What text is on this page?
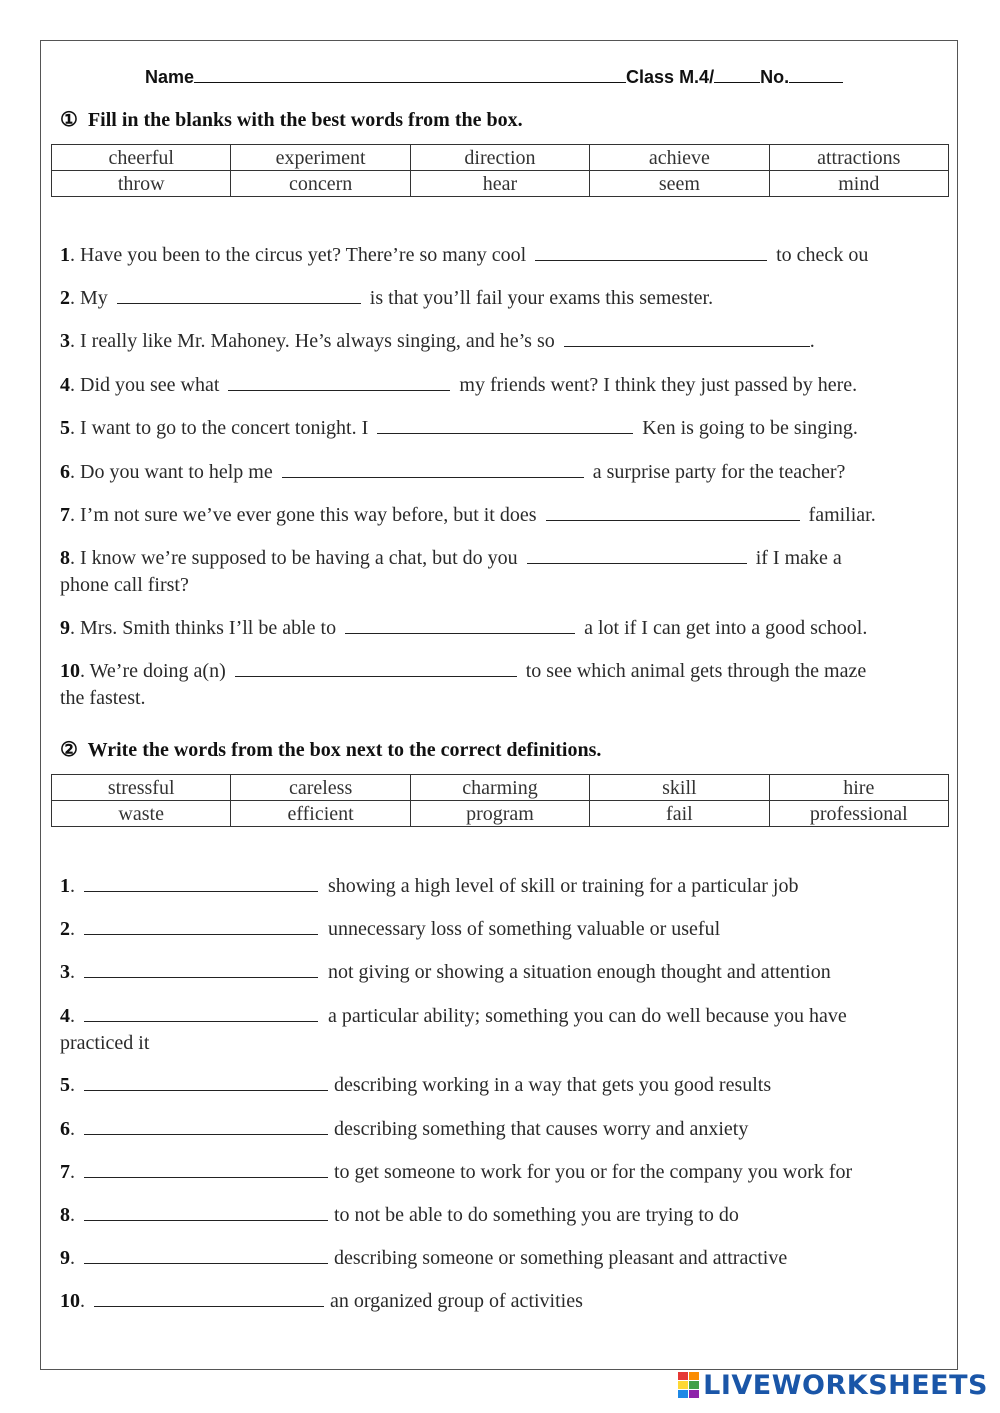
Name	Class M.4/	No.
① Fill in the blanks with the best words from the box.
cheerful	experiment	direction	achieve	attractions
throw	concern	hear	seem	mind
1. Have you been to the circus yet? There’re so many cool	to check ou
2. My	is that you’ll fail your exams this semester.
3. I really like Mr. Mahoney. He’s always singing, and he’s so	.
4. Did you see what	my friends went? I think they just passed by here.
5. I want to go to the concert tonight. I	Ken is going to be singing.
6. Do you want to help me	a surprise party for the teacher?
7. I’m not sure we’ve ever gone this way before, but it does	familiar.
8. I know we’re supposed to be having a chat, but do you	if I make a
phone call first?
9. Mrs. Smith thinks I’ll be able to	a lot if I can get into a good school.
10. We’re doing a(n)	to see which animal gets through the maze
the fastest.
② Write the words from the box next to the correct definitions.
stressful	careless	charming	skill	hire
waste	efficient	program	fail	professional
1.	showing a high level of skill or training for a particular job
2.	unnecessary loss of something valuable or useful
3.	not giving or showing a situation enough thought and attention
4.	a particular ability; something you can do well because you have
practiced it
5.	describing working in a way that gets you good results
6.	describing something that causes worry and anxiety
7.	to get someone to work for you or for the company you work for
8.	to not be able to do something you are trying to do
9.	describing someone or something pleasant and attractive
10.	an organized group of activities
LIVEWORKSHEETS
